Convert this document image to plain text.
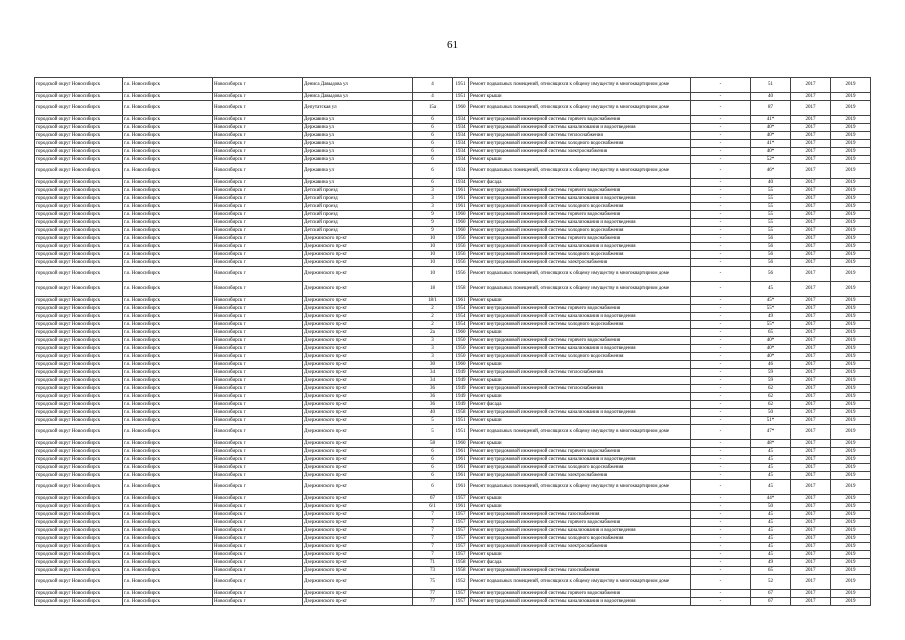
61
городской округ Новосибирск	г.о. Новосибирск	Новосибирск г	Дениса Давыдова ул	4	1951	Ремонт подвальных помещений, относящихся к общему имуществу в многоквартирном доме	-	51	2017	2019
городской округ Новосибирск	г.о. Новосибирск	Новосибирск г	Дениса Давыдова ул	4	1951	Ремонт крыши	-	40	2017	2019
городской округ Новосибирск	г.о. Новосибирск	Новосибирск г	Депутатская ул	15а	1960	Ремонт подвальных помещений, относящихся к общему имуществу в многоквартирном доме	-	87	2017	2019
городской округ Новосибирск	г.о. Новосибирск	Новосибирск г	Державина ул	6	1934	Ремонт внутридомовой инженерной системы горячего водоснабжения	-	41*	2017	2019
городской округ Новосибирск	г.о. Новосибирск	Новосибирск г	Державина ул	6	1934	Ремонт внутридомовой инженерной системы канализования и водоотведения	-	40*	2017	2019
городской округ Новосибирск	г.о. Новосибирск	Новосибирск г	Державина ул	6	1934	Ремонт внутридомовой инженерной системы теплоснабжения	-	40*	2017	2019
городской округ Новосибирск	г.о. Новосибирск	Новосибирск г	Державина ул	6	1934	Ремонт внутридомовой инженерной системы холодного водоснабжения	-	41*	2017	2019
городской округ Новосибирск	г.о. Новосибирск	Новосибирск г	Державина ул	6	1934	Ремонт внутридомовой инженерной системы электроснабжения	-	40*	2017	2019
городской округ Новосибирск	г.о. Новосибирск	Новосибирск г	Державина ул	6	1934	Ремонт крыши	-	52*	2017	2019
городской округ Новосибирск	г.о. Новосибирск	Новосибирск г	Державина ул	6	1934	Ремонт подвальных помещений, относящихся к общему имуществу в многоквартирном доме	-	46*	2017	2019
городской округ Новосибирск	г.о. Новосибирск	Новосибирск г	Державина ул	6	1934	Ремонт фасада	-	40	2017	2019
городской округ Новосибирск	г.о. Новосибирск	Новосибирск г	Детский проезд	3	1961	Ремонт внутридомовой инженерной системы горячего водоснабжения	-	55	2017	2019
городской округ Новосибирск	г.о. Новосибирск	Новосибирск г	Детский проезд	3	1961	Ремонт внутридомовой инженерной системы канализования и водоотведения	-	55	2017	2019
городской округ Новосибирск	г.о. Новосибирск	Новосибирск г	Детский проезд	3	1961	Ремонт внутридомовой инженерной системы холодного водоснабжения	-	55	2017	2019
городской округ Новосибирск	г.о. Новосибирск	Новосибирск г	Детский проезд	9	1960	Ремонт внутридомовой инженерной системы горячего водоснабжения	-	55	2017	2019
городской округ Новосибирск	г.о. Новосибирск	Новосибирск г	Детский проезд	9	1960	Ремонт внутридомовой инженерной системы канализования и водоотведения	-	55	2017	2019
городской округ Новосибирск	г.о. Новосибирск	Новосибирск г	Детский проезд	9	1960	Ремонт внутридомовой инженерной системы холодного водоснабжения	-	55	2017	2019
городской округ Новосибирск	г.о. Новосибирск	Новосибирск г	Дзержинского пр-кт	10	1956	Ремонт внутридомовой инженерной системы горячего водоснабжения	-	56	2017	2019
городской округ Новосибирск	г.о. Новосибирск	Новосибирск г	Дзержинского пр-кт	10	1956	Ремонт внутридомовой инженерной системы канализования и водоотведения	-	56	2017	2019
городской округ Новосибирск	г.о. Новосибирск	Новосибирск г	Дзержинского пр-кт	10	1956	Ремонт внутридомовой инженерной системы холодного водоснабжения	-	56	2017	2019
городской округ Новосибирск	г.о. Новосибирск	Новосибирск г	Дзержинского пр-кт	10	1956	Ремонт внутридомовой инженерной системы электроснабжения	-	56	2017	2019
городской округ Новосибирск	г.о. Новосибирск	Новосибирск г	Дзержинского пр-кт	10	1956	Ремонт подвальных помещений, относящихся к общему имуществу в многоквартирном доме	-	56	2017	2019
городской округ Новосибирск	г.о. Новосибирск	Новосибирск г	Дзержинского пр-кт	18	1958	Ремонт подвальных помещений, относящихся к общему имуществу в многоквартирном доме	-	45	2017	2019
городской округ Новосибирск	г.о. Новосибирск	Новосибирск г	Дзержинского пр-кт	18/1	1961	Ремонт крыши	-	45*	2017	2019
городской округ Новосибирск	г.о. Новосибирск	Новосибирск г	Дзержинского пр-кт	2	1954	Ремонт внутридомовой инженерной системы горячего водоснабжения	-	55*	2017	2019
городской округ Новосибирск	г.о. Новосибирск	Новосибирск г	Дзержинского пр-кт	2	1954	Ремонт внутридомовой инженерной системы канализования и водоотведения	-	49	2017	2019
городской округ Новосибирск	г.о. Новосибирск	Новосибирск г	Дзержинского пр-кт	2	1954	Ремонт внутридомовой инженерной системы холодного водоснабжения	-	55*	2017	2019
городской округ Новосибирск	г.о. Новосибирск	Новосибирск г	Дзержинского пр-кт	2а	1960	Ремонт крыши	-	65	2017	2019
городской округ Новосибирск	г.о. Новосибирск	Новосибирск г	Дзержинского пр-кт	3	1950	Ремонт внутридомовой инженерной системы горячего водоснабжения	-	40*	2017	2019
городской округ Новосибирск	г.о. Новосибирск	Новосибирск г	Дзержинского пр-кт	3	1950	Ремонт внутридомовой инженерной системы канализования и водоотведения	-	40*	2017	2019
городской округ Новосибирск	г.о. Новосибирск	Новосибирск г	Дзержинского пр-кт	3	1950	Ремонт внутридомовой инженерной системы холодного водоснабжения	-	40*	2017	2019
городской округ Новосибирск	г.о. Новосибирск	Новосибирск г	Дзержинского пр-кт	30	1960	Ремонт крыши	-	46	2017	2019
городской округ Новосибирск	г.о. Новосибирск	Новосибирск г	Дзержинского пр-кт	34	1949	Ремонт внутридомовой инженерной системы теплоснабжения	-	59	2017	2019
городской округ Новосибирск	г.о. Новосибирск	Новосибирск г	Дзержинского пр-кт	34	1949	Ремонт крыши	-	59	2017	2019
городской округ Новосибирск	г.о. Новосибирск	Новосибирск г	Дзержинского пр-кт	36	1949	Ремонт внутридомовой инженерной системы теплоснабжения	-	62	2017	2019
городской округ Новосибирск	г.о. Новосибирск	Новосибирск г	Дзержинского пр-кт	36	1949	Ремонт крыши	-	62	2017	2019
городской округ Новосибирск	г.о. Новосибирск	Новосибирск г	Дзержинского пр-кт	36	1949	Ремонт фасада	-	62	2017	2019
городской округ Новосибирск	г.о. Новосибирск	Новосибирск г	Дзержинского пр-кт	40	1958	Ремонт внутридомовой инженерной системы канализования и водоотведения	-	50	2017	2019
городской округ Новосибирск	г.о. Новосибирск	Новосибирск г	Дзержинского пр-кт	5	1951	Ремонт крыши	-	51*	2017	2019
городской округ Новосибирск	г.о. Новосибирск	Новосибирск г	Дзержинского пр-кт	5	1951	Ремонт подвальных помещений, относящихся к общему имуществу в многоквартирном доме	-	47*	2017	2019
городской округ Новосибирск	г.о. Новосибирск	Новосибирск г	Дзержинского пр-кт	58	1960	Ремонт крыши	-	48*	2017	2019
городской округ Новосибирск	г.о. Новосибирск	Новосибирск г	Дзержинского пр-кт	6	1961	Ремонт внутридомовой инженерной системы горячего водоснабжения	-	45	2017	2019
городской округ Новосибирск	г.о. Новосибирск	Новосибирск г	Дзержинского пр-кт	6	1961	Ремонт внутридомовой инженерной системы канализования и водоотведения	-	45	2017	2019
городской округ Новосибирск	г.о. Новосибирск	Новосибирск г	Дзержинского пр-кт	6	1961	Ремонт внутридомовой инженерной системы холодного водоснабжения	-	45	2017	2019
городской округ Новосибирск	г.о. Новосибирск	Новосибирск г	Дзержинского пр-кт	6	1961	Ремонт внутридомовой инженерной системы электроснабжения	-	45	2017	2019
городской округ Новосибирск	г.о. Новосибирск	Новосибирск г	Дзержинского пр-кт	6	1961	Ремонт подвальных помещений, относящихся к общему имуществу в многоквартирном доме	-	45	2017	2019
городской округ Новосибирск	г.о. Новосибирск	Новосибирск г	Дзержинского пр-кт	67	1957	Ремонт крыши	-	44*	2017	2019
городской округ Новосибирск	г.о. Новосибирск	Новосибирск г	Дзержинского пр-кт	6/1	1961	Ремонт крыши	-	50	2017	2019
городской округ Новосибирск	г.о. Новосибирск	Новосибирск г	Дзержинского пр-кт	7	1957	Ремонт внутридомовой инженерной системы газоснабжения	-	45	2017	2019
городской округ Новосибирск	г.о. Новосибирск	Новосибирск г	Дзержинского пр-кт	7	1957	Ремонт внутридомовой инженерной системы горячего водоснабжения	-	45	2017	2019
городской округ Новосибирск	г.о. Новосибирск	Новосибирск г	Дзержинского пр-кт	7	1957	Ремонт внутридомовой инженерной системы канализования и водоотведения	-	45	2017	2019
городской округ Новосибирск	г.о. Новосибирск	Новосибирск г	Дзержинского пр-кт	7	1957	Ремонт внутридомовой инженерной системы холодного водоснабжения	-	45	2017	2019
городской округ Новосибирск	г.о. Новосибирск	Новосибирск г	Дзержинского пр-кт	7	1957	Ремонт внутридомовой инженерной системы электроснабжения	-	45	2017	2019
городской округ Новосибирск	г.о. Новосибирск	Новосибирск г	Дзержинского пр-кт	7	1957	Ремонт крыши	-	45	2017	2019
городской округ Новосибирск	г.о. Новосибирск	Новосибирск г	Дзержинского пр-кт	71	1958	Ремонт фасада	-	49	2017	2019
городской округ Новосибирск	г.о. Новосибирск	Новосибирск г	Дзержинского пр-кт	73	1958	Ремонт внутридомовой инженерной системы газоснабжения	-	65	2017	2019
городской округ Новосибирск	г.о. Новосибирск	Новосибирск г	Дзержинского пр-кт	75	1952	Ремонт подвальных помещений, относящихся к общему имуществу в многоквартирном доме	-	52	2017	2019
городской округ Новосибирск	г.о. Новосибирск	Новосибирск г	Дзержинского пр-кт	77	1957	Ремонт внутридомовой инженерной системы горячего водоснабжения	-	67	2017	2019
городской округ Новосибирск	г.о. Новосибирск	Новосибирск г	Дзержинского пр-кт	77	1957	Ремонт внутридомовой инженерной системы канализования и водоотведения	-	67	2017	2019
